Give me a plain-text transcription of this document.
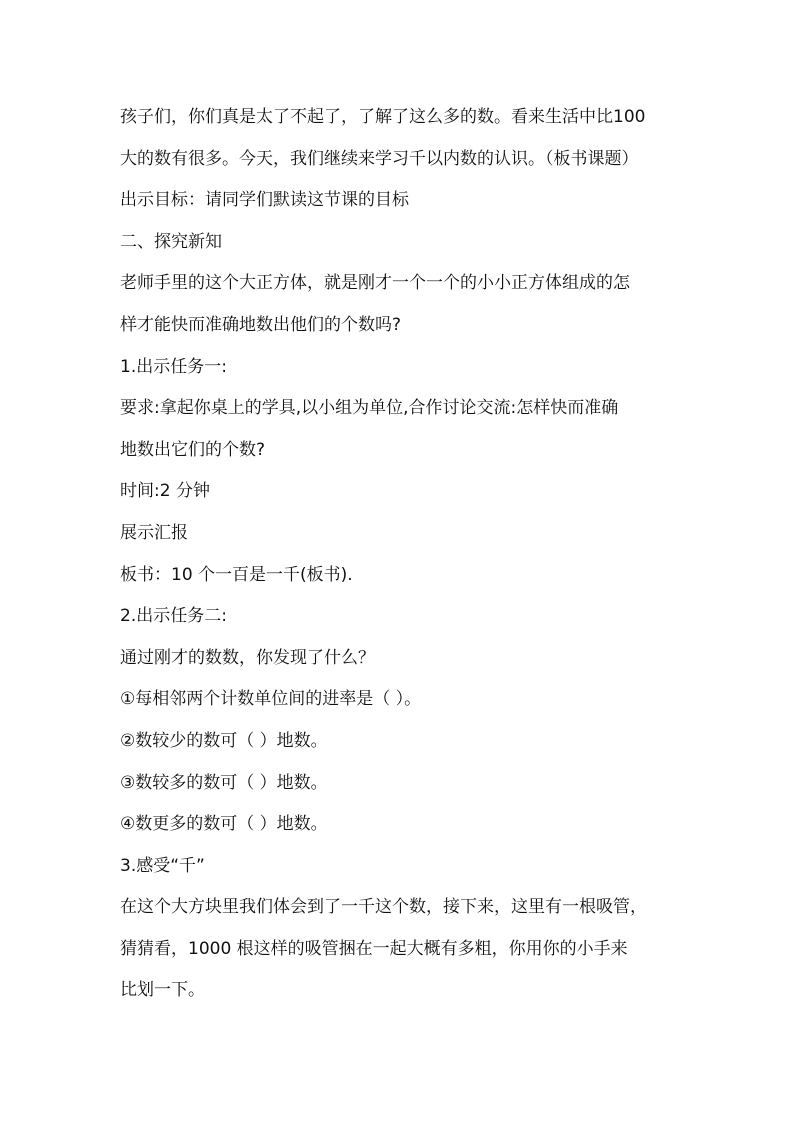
孩子们，你们真是太了不起了，了解了这么多的数。看来生活中比100
大的数有很多。今天，我们继续来学习千以内数的认识。（板书课题）
出示目标：请同学们默读这节课的目标
二、探究新知
老师手里的这个大正方体，就是刚才一个一个的小小正方体组成的怎
样才能快而准确地数出他们的个数吗?
1.出示任务一:
要求:拿起你桌上的学具,以小组为单位,合作讨论交流:怎样快而准确
地数出它们的个数?
时间:2 分钟
展示汇报
板书：10 个一百是一千(板书).
2.出示任务二:
通过刚才的数数，你发现了什么？
①每相邻两个计数单位间的进率是（ ）。
②数较少的数可（ ）地数。
③数较多的数可（ ）地数。
④数更多的数可（ ）地数。
3.感受“千”
在这个大方块里我们体会到了一千这个数，接下来，这里有一根吸管，
猜猜看，1000 根这样的吸管捆在一起大概有多粗，你用你的小手来
比划一下。
